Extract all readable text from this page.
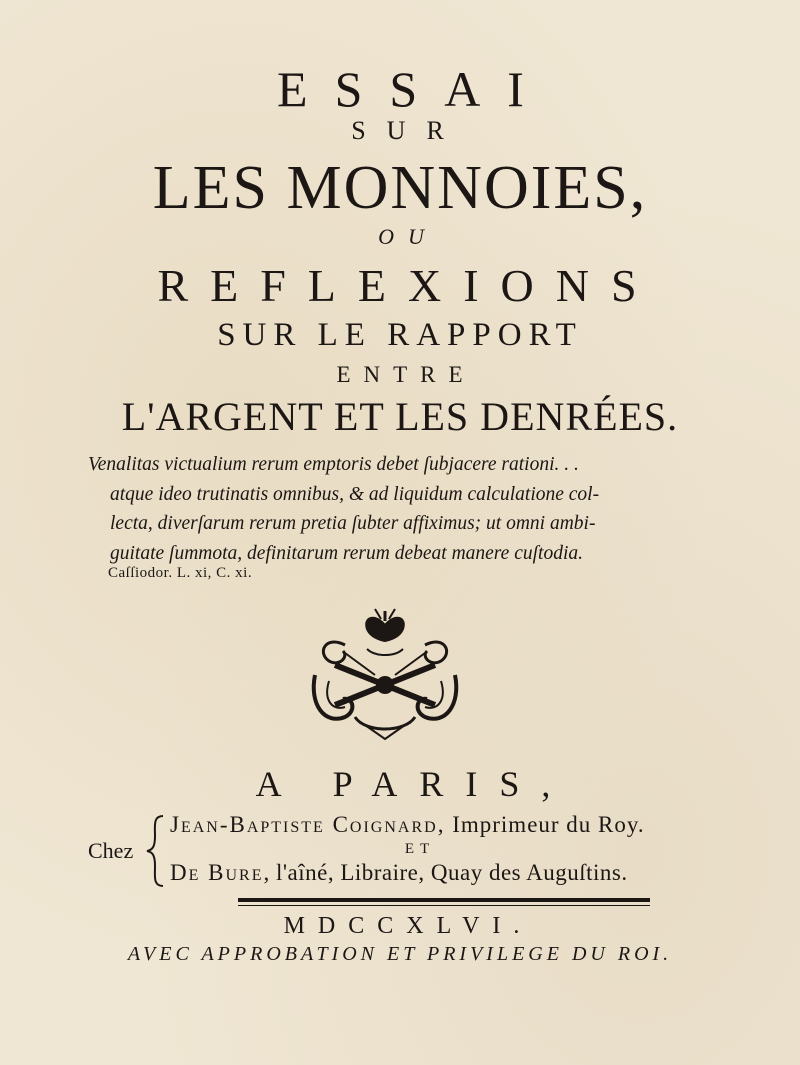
ESSAI
SUR
LES MONNOIES,
OU
REFLEXIONS
SUR LE RAPPORT
ENTRE
L'ARGENT ET LES DENRÉES.
Venalitas victualium rerum emptoris debet ſubjacere rationi. . .
atque ideo trutinatis omnibus, & ad liquidum calculatione col-
lecta, diverſarum rerum pretia ſubter affiximus; ut omni ambi-
guitate ſummota, definitarum rerum debeat manere cuſtodia.
Caſſiodor. L. xi, C. xi.
A PARIS,
Chez
Jean-Baptiste Coignard, Imprimeur du Roy.
ET
De Bure, l'aîné, Libraire, Quay des Auguſtins.
MDCCXLVI.
AVEC APPROBATION ET PRIVILEGE DU ROI.
